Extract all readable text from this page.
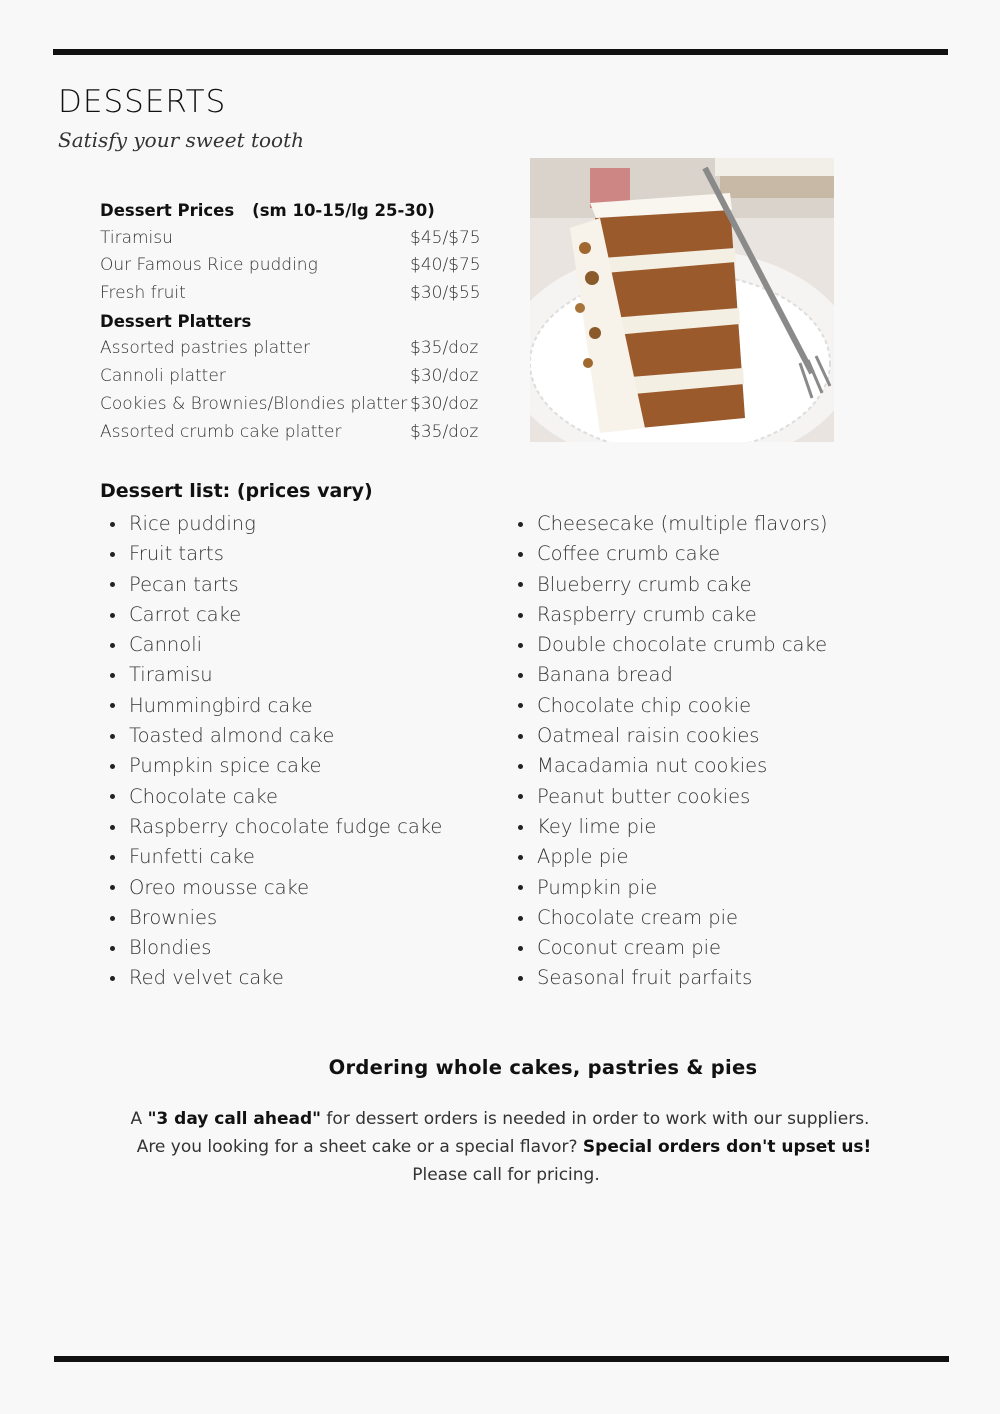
DESSERTS
Satisfy your sweet tooth
Dessert Prices (sm 10-15/lg 25-30)
Tiramisu	$45/$75
Our Famous Rice pudding	$40/$75
Fresh fruit	$30/$55
Dessert Platters
Assorted pastries platter	$35/doz
Cannoli platter	$30/doz
Cookies & Brownies/Blondies platter $30/doz
Assorted crumb cake platter	$35/doz
Dessert list: (prices vary)
Rice pudding
Fruit tarts
Pecan tarts
Carrot cake
Cannoli
Tiramisu
Hummingbird cake
Toasted almond cake
Pumpkin spice cake
Chocolate cake
Raspberry chocolate fudge cake
Funfetti cake
Oreo mousse cake
Brownies
Blondies
Red velvet cake
Cheesecake (multiple flavors)
Coffee crumb cake
Blueberry crumb cake
Raspberry crumb cake
Double chocolate crumb cake
Banana bread
Chocolate chip cookie
Oatmeal raisin cookies
Macadamia nut cookies
Peanut butter cookies
Key lime pie
Apple pie
Pumpkin pie
Chocolate cream pie
Coconut cream pie
Seasonal fruit parfaits
Ordering whole cakes, pastries & pies
A "3 day call ahead" for dessert orders is needed in order to work with our suppliers.
Are you looking for a sheet cake or a special flavor? Special orders don't upset us!
Please call for pricing.
